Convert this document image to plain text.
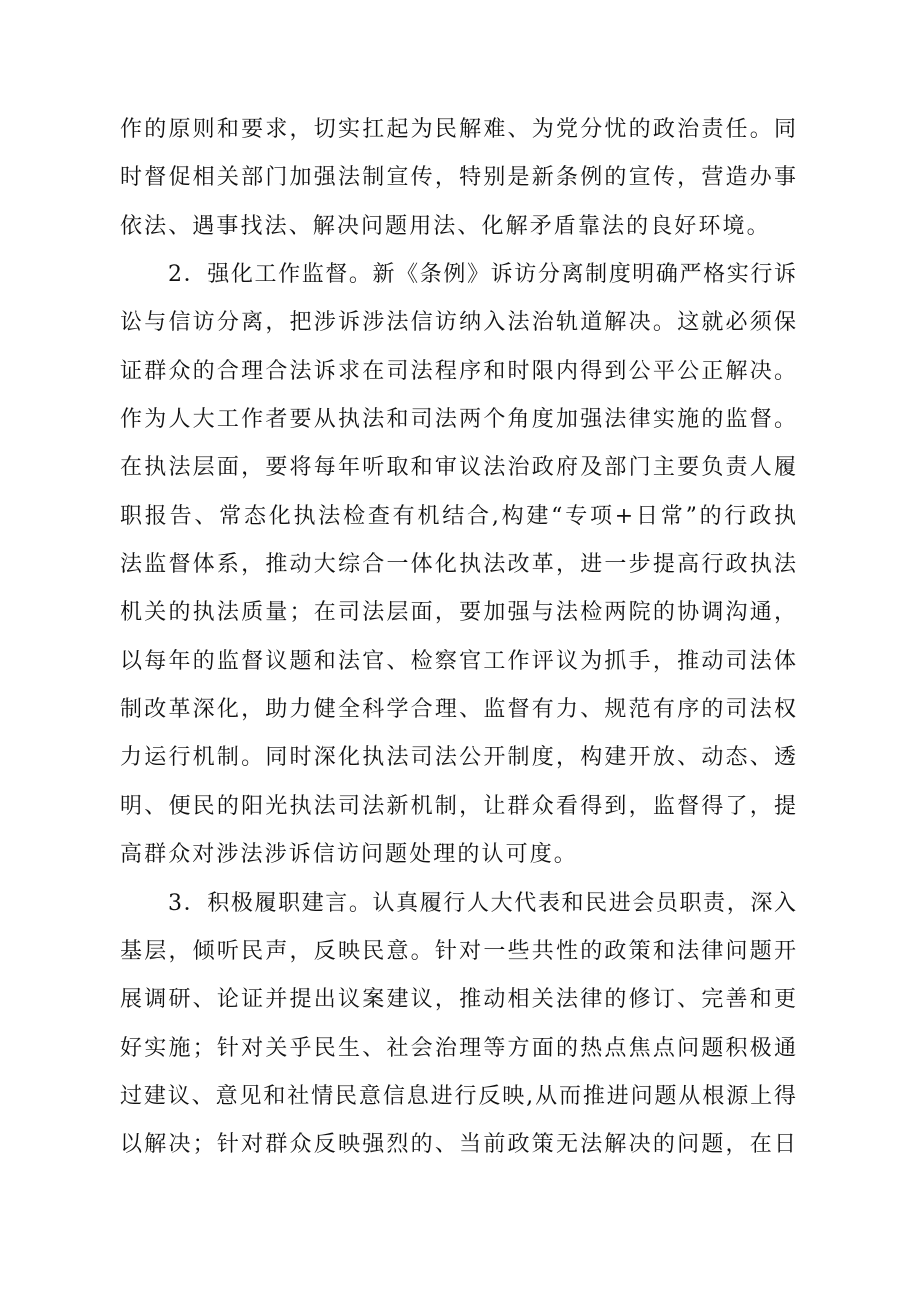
作的原则和要求，切实扛起为民解难、为党分忧的政治责任。同
时督促相关部门加强法制宣传，特别是新条例的宣传，营造办事
依法、遇事找法、解决问题用法、化解矛盾靠法的良好环境。
2．强化工作监督。新《条例》诉访分离制度明确严格实行诉
讼与信访分离，把涉诉涉法信访纳入法治轨道解决。这就必须保
证群众的合理合法诉求在司法程序和时限内得到公平公正解决。
作为人大工作者要从执法和司法两个角度加强法律实施的监督。
在执法层面，要将每年听取和审议法治政府及部门主要负责人履
职报告、常态化执法检查有机结合,构建“专项+日常”的行政执
法监督体系，推动大综合一体化执法改革，进一步提高行政执法
机关的执法质量；在司法层面，要加强与法检两院的协调沟通，
以每年的监督议题和法官、检察官工作评议为抓手，推动司法体
制改革深化，助力健全科学合理、监督有力、规范有序的司法权
力运行机制。同时深化执法司法公开制度，构建开放、动态、透
明、便民的阳光执法司法新机制，让群众看得到，监督得了，提
高群众对涉法涉诉信访问题处理的认可度。
3．积极履职建言。认真履行人大代表和民进会员职责，深入
基层，倾听民声，反映民意。针对一些共性的政策和法律问题开
展调研、论证并提出议案建议，推动相关法律的修订、完善和更
好实施；针对关乎民生、社会治理等方面的热点焦点问题积极通
过建议、意见和社情民意信息进行反映,从而推进问题从根源上得
以解决；针对群众反映强烈的、当前政策无法解决的问题，在日
